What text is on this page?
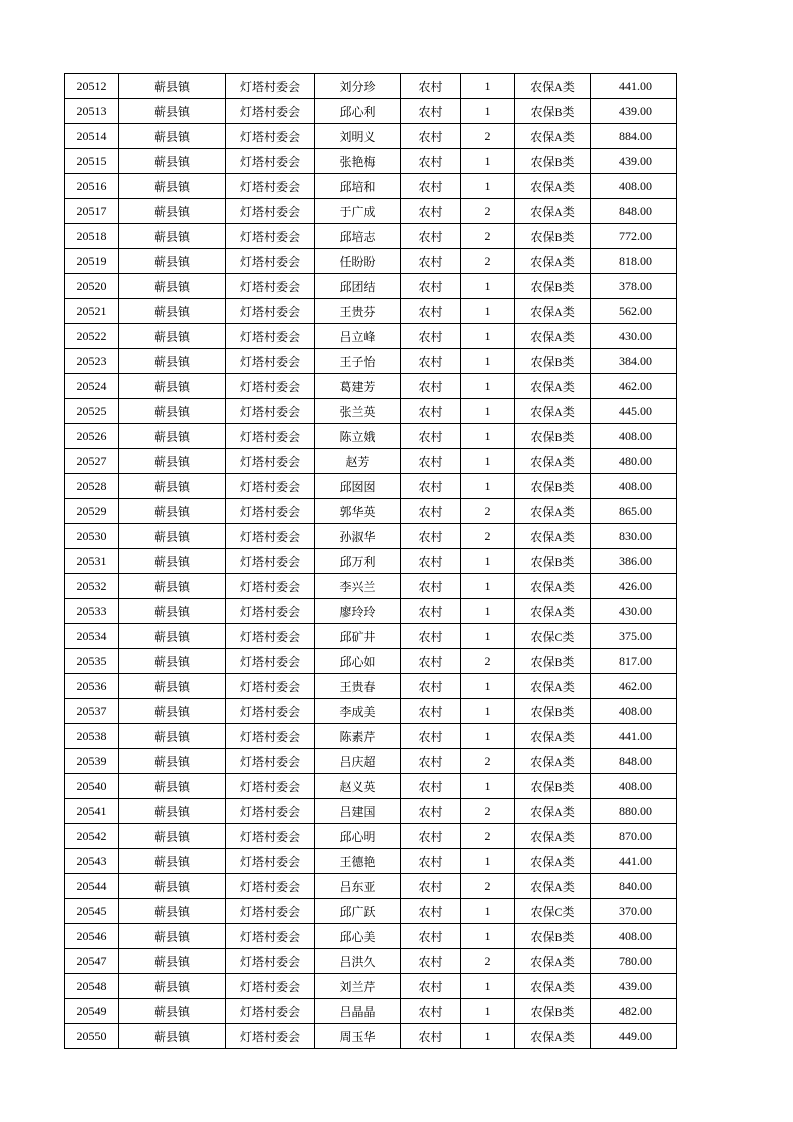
20512	蕲县镇	灯塔村委会	刘分珍	农村	1	农保A类	441.00
20513	蕲县镇	灯塔村委会	邱心利	农村	1	农保B类	439.00
20514	蕲县镇	灯塔村委会	刘明义	农村	2	农保A类	884.00
20515	蕲县镇	灯塔村委会	张艳梅	农村	1	农保B类	439.00
20516	蕲县镇	灯塔村委会	邱培和	农村	1	农保A类	408.00
20517	蕲县镇	灯塔村委会	于广成	农村	2	农保A类	848.00
20518	蕲县镇	灯塔村委会	邱培志	农村	2	农保B类	772.00
20519	蕲县镇	灯塔村委会	任盼盼	农村	2	农保A类	818.00
20520	蕲县镇	灯塔村委会	邱团结	农村	1	农保B类	378.00
20521	蕲县镇	灯塔村委会	王贵芬	农村	1	农保A类	562.00
20522	蕲县镇	灯塔村委会	吕立峰	农村	1	农保A类	430.00
20523	蕲县镇	灯塔村委会	王子怡	农村	1	农保B类	384.00
20524	蕲县镇	灯塔村委会	葛建芳	农村	1	农保A类	462.00
20525	蕲县镇	灯塔村委会	张兰英	农村	1	农保A类	445.00
20526	蕲县镇	灯塔村委会	陈立娥	农村	1	农保B类	408.00
20527	蕲县镇	灯塔村委会	赵芳	农村	1	农保A类	480.00
20528	蕲县镇	灯塔村委会	邱囡囡	农村	1	农保B类	408.00
20529	蕲县镇	灯塔村委会	郭华英	农村	2	农保A类	865.00
20530	蕲县镇	灯塔村委会	孙淑华	农村	2	农保A类	830.00
20531	蕲县镇	灯塔村委会	邱万利	农村	1	农保B类	386.00
20532	蕲县镇	灯塔村委会	李兴兰	农村	1	农保A类	426.00
20533	蕲县镇	灯塔村委会	廖玲玲	农村	1	农保A类	430.00
20534	蕲县镇	灯塔村委会	邱矿井	农村	1	农保C类	375.00
20535	蕲县镇	灯塔村委会	邱心如	农村	2	农保B类	817.00
20536	蕲县镇	灯塔村委会	王贵春	农村	1	农保A类	462.00
20537	蕲县镇	灯塔村委会	李成美	农村	1	农保B类	408.00
20538	蕲县镇	灯塔村委会	陈素芹	农村	1	农保A类	441.00
20539	蕲县镇	灯塔村委会	吕庆超	农村	2	农保A类	848.00
20540	蕲县镇	灯塔村委会	赵义英	农村	1	农保B类	408.00
20541	蕲县镇	灯塔村委会	吕建国	农村	2	农保A类	880.00
20542	蕲县镇	灯塔村委会	邱心明	农村	2	农保A类	870.00
20543	蕲县镇	灯塔村委会	王德艳	农村	1	农保A类	441.00
20544	蕲县镇	灯塔村委会	吕东亚	农村	2	农保A类	840.00
20545	蕲县镇	灯塔村委会	邱广跃	农村	1	农保C类	370.00
20546	蕲县镇	灯塔村委会	邱心美	农村	1	农保B类	408.00
20547	蕲县镇	灯塔村委会	吕洪久	农村	2	农保A类	780.00
20548	蕲县镇	灯塔村委会	刘兰芹	农村	1	农保A类	439.00
20549	蕲县镇	灯塔村委会	吕晶晶	农村	1	农保B类	482.00
20550	蕲县镇	灯塔村委会	周玉华	农村	1	农保A类	449.00
